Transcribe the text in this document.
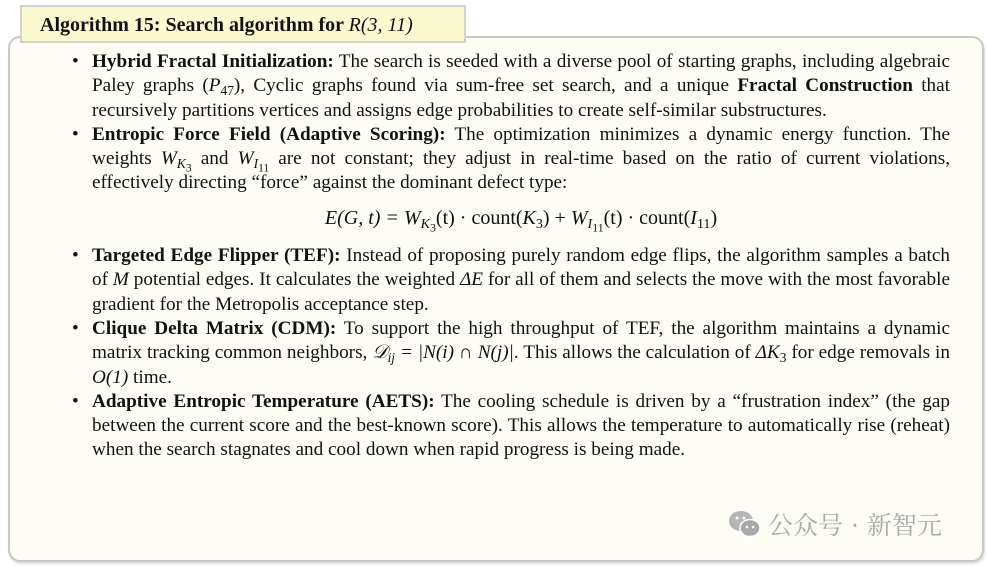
Algorithm 15: Search algorithm for R(3, 11)
• Hybrid Fractal Initialization: The search is seeded with a diverse pool of starting graphs, including algebraic Paley graphs $(P_{47})$, Cyclic graphs found via sum-free set search, and a unique Fractal Construction that recursively partitions vertices and assigns edge probabilities to create self-similar substructures.
• Entropic Force Field (Adaptive Scoring): The optimization minimizes a dynamic energy function. The weights $W_{K_3}$ and $W_{I_{11}}$ are not constant; they adjust in real-time based on the ratio of current violations, effectively directing “force” against the dominant defect type:
E(G, $t) = W_{K_3}(t)$ · $count(K_3) + W_{I_{11}}(t)$ · $count(I_{11})$
• Targeted Edge Flipper (TEF): Instead of proposing purely random edge flips, the algorithm samples a batch of M potential edges. It calculates the weighted ΔE for all of them and selects the move with the most favorable gradient for the Metropolis acceptance step.
• Clique Delta Matrix (CDM): To support the high throughput of TEF, the algorithm maintains a dynamic matrix tracking common neighbors, 𝒟$_{ij}$ = |N(i) ∩ N(j)|. This allows the calculation of $\Delta K_3$ for edge removals in O(1) time.
• Adaptive Entropic Temperature (AETS): The cooling schedule is driven by a “frustration index” (the gap between the current score and the best-known score). This allows the temperature to automatically rise (reheat) when the search stagnates and cool down when rapid progress is being made.
公众号 · 新智元
